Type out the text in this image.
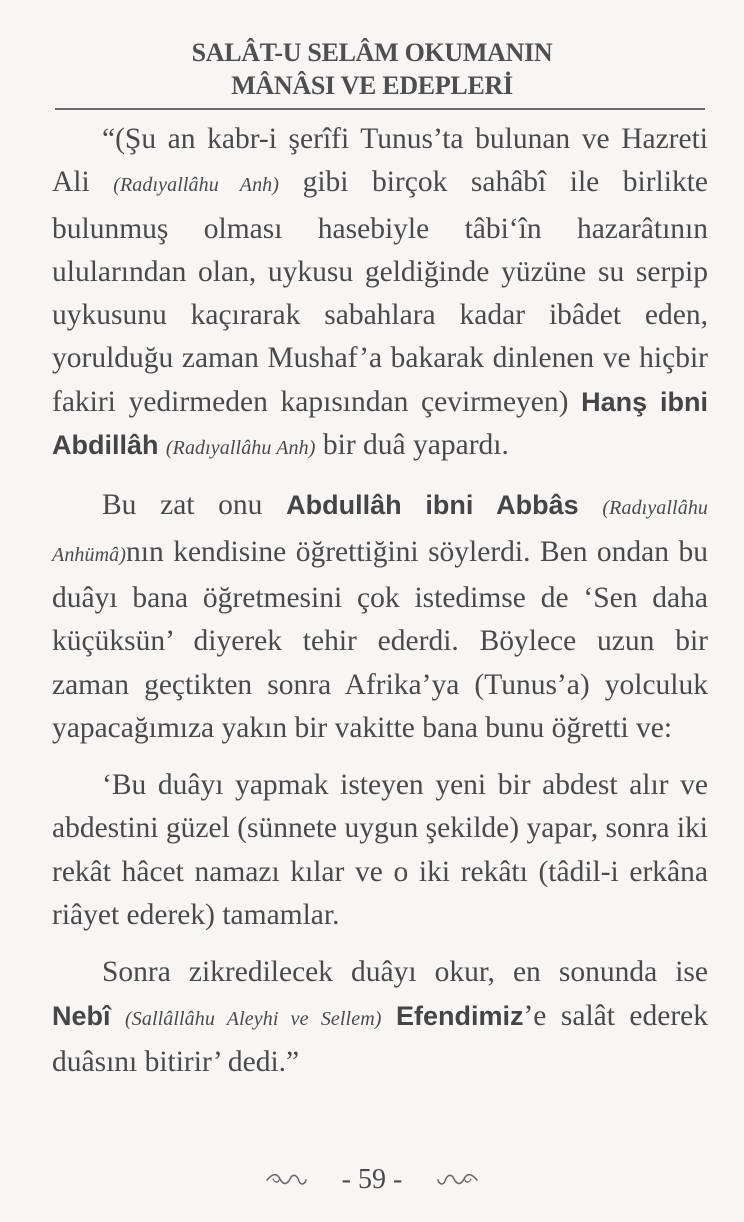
SALÂT-U SELÂM OKUMANIN
MÂNÂSI VE EDEPLERİ

“(Şu an kabr-i şerîfi Tunus’ta bulunan ve Hazreti Ali (Radıyallâhu Anh) gibi birçok sahâbî ile birlikte bulunmuş olması hasebiyle tâbi‘în hazarâtının ulularından olan, uykusu geldiğinde yüzüne su serpip uykusunu kaçırarak sabahlara kadar ibâdet eden, yorulduğu zaman Mushaf’a bakarak dinlenen ve hiçbir fakiri yedirmeden kapısından çevirmeyen) Hanş ibni Abdillâh (Radıyallâhu Anh) bir duâ yapardı.

Bu zat onu Abdullâh ibni Abbâs (Radıyallâhu Anhümâ)nın kendisine öğrettiğini söylerdi. Ben ondan bu duâyı bana öğretmesini çok istedimse de ‘Sen daha küçüksün’ diyerek tehir ederdi. Böylece uzun bir zaman geçtikten sonra Afrika’ya (Tunus’a) yolculuk yapacağımıza yakın bir vakitte bana bunu öğretti ve:

‘Bu duâyı yapmak isteyen yeni bir abdest alır ve abdestini güzel (sünnete uygun şekilde) yapar, sonra iki rekât hâcet namazı kılar ve o iki rekâtı (tâdil-i erkâna riâyet ederek) tamamlar.

Sonra zikredilecek duâyı okur, en sonunda ise Nebî (Sallâllâhu Aleyhi ve Sellem) Efendimiz’e salât ederek duâsını bitirir’ dedi.”

- 59 -
